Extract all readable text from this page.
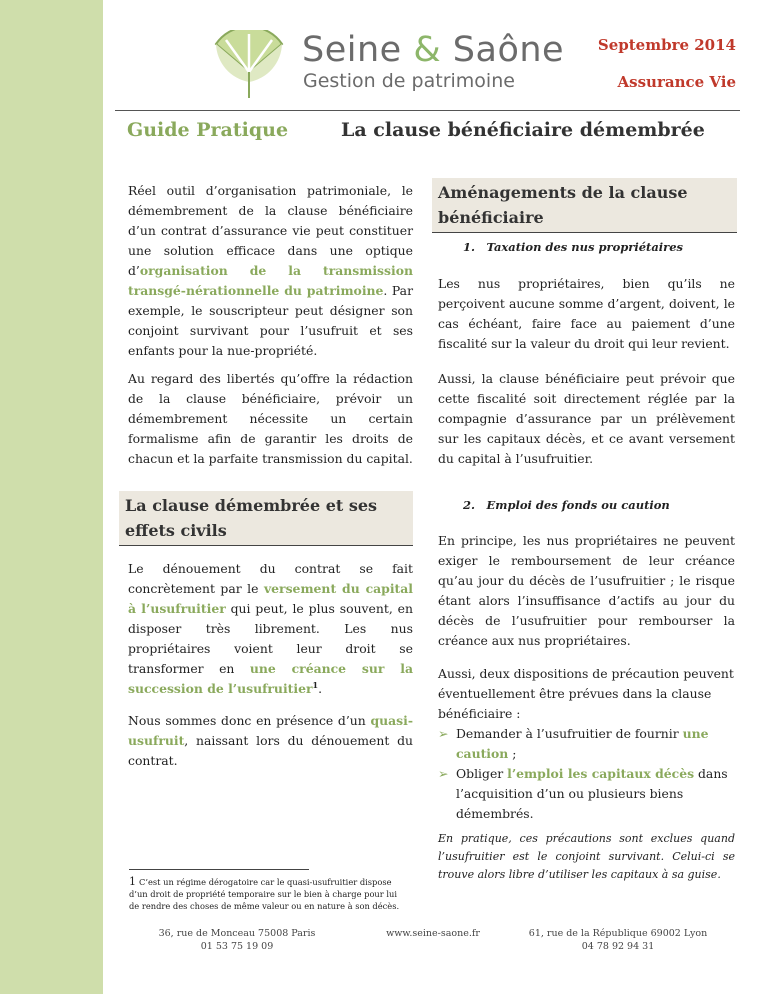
Seine & Saône
Gestion de patrimoine
Septembre 2014
Assurance Vie
Guide Pratique	La clause bénéficiaire démembrée

Réel outil d’organisation patrimoniale, le démembrement de la clause bénéficiaire d’un contrat d’assurance vie peut constituer une solution efficace dans une optique d’organisation de la transmission transgé-nérationnelle du patrimoine. Par exemple, le souscripteur peut désigner son conjoint survivant pour l’usufruit et ses enfants pour la nue-propriété.

Au regard des libertés qu’offre la rédaction de la clause bénéficiaire, prévoir un démembrement nécessite un certain formalisme afin de garantir les droits de chacun et la parfaite transmission du capital.

La clause démembrée et ses effets civils

Le dénouement du contrat se fait concrètement par le versement du capital à l’usufruitier qui peut, le plus souvent, en disposer très librement. Les nus propriétaires voient leur droit se transformer en une créance sur la succession de l’usufruitier$^1$.

Nous sommes donc en présence d’un quasi-usufruit, naissant lors du dénouement du contrat.

Aménagements de la clause bénéficiaire
1. Taxation des nus propriétaires

Les nus propriétaires, bien qu’ils ne perçoivent aucune somme d’argent, doivent, le cas échéant, faire face au paiement d’une fiscalité sur la valeur du droit qui leur revient.

Aussi, la clause bénéficiaire peut prévoir que cette fiscalité soit directement réglée par la compagnie d’assurance par un prélèvement sur les capitaux décès, et ce avant versement du capital à l’usufruitier.

2. Emploi des fonds ou caution

En principe, les nus propriétaires ne peuvent exiger le remboursement de leur créance qu’au jour du décès de l’usufruitier ; le risque étant alors l’insuffisance d’actifs au jour du décès de l’usufruitier pour rembourser la créance aux nus propriétaires.

Aussi, deux dispositions de précaution peuvent éventuellement être prévues dans la clause bénéficiaire :

➢ Demander à l’usufruitier de fournir une caution ;
➢ Obliger l’emploi les capitaux décès dans l’acquisition d’un ou plusieurs biens démembrés.
En pratique, ces précautions sont exclues quand l’usufruitier est le conjoint survivant. Celui-ci se trouve alors libre d’utiliser les capitaux à sa guise.
1 C’est un régime dérogatoire car le quasi-usufruitier dispose d’un droit de propriété temporaire sur le bien à charge pour lui de rendre des choses de même valeur ou en nature à son décès.
36, rue de Monceau 75008 Paris
01 53 75 19 09
www.seine-saone.fr	61, rue de la République 69002 Lyon
04 78 92 94 31
